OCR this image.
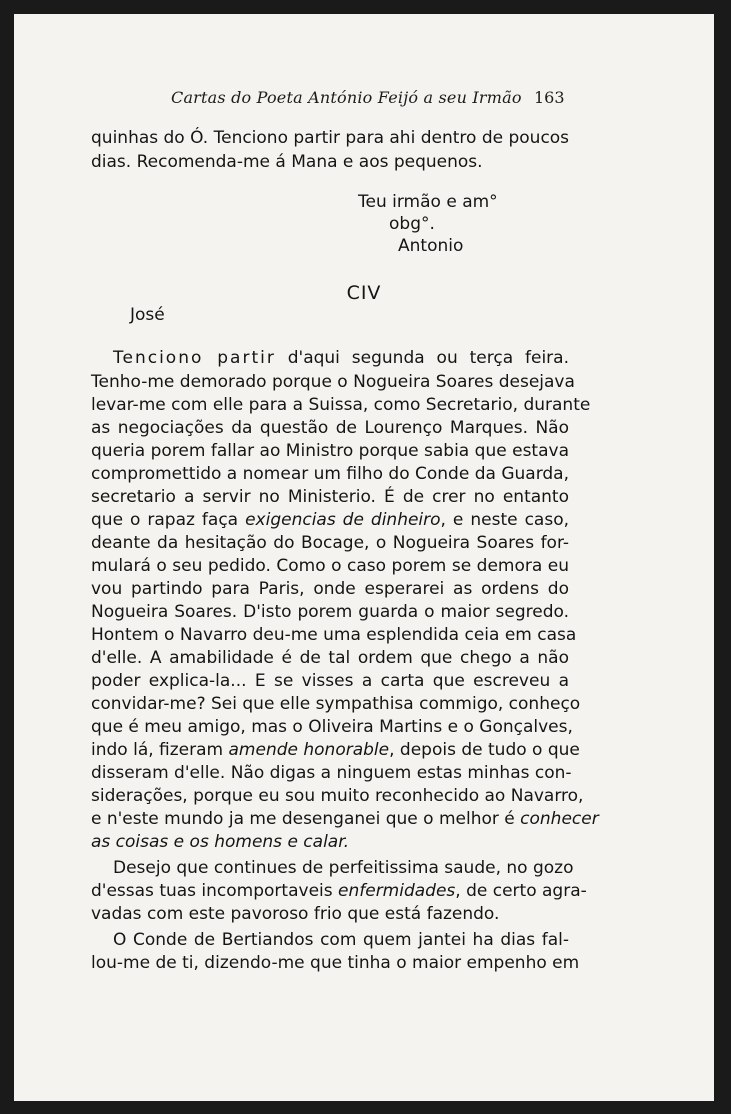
Cartas do Poeta António Feijó a seu Irmão 163
quinhas do Ó. Tenciono partir para ahi dentro de poucos
dias. Recomenda-me á Mana e aos pequenos.
Teu irmão e am°
obg°.
Antonio
CIV
José
Tenciono partir d'aqui segunda ou terça feira.
Tenho-me demorado porque o Nogueira Soares desejava
levar-me com elle para a Suissa, como Secretario, durante
as negociações da questão de Lourenço Marques. Não
queria porem fallar ao Ministro porque sabia que estava
compromettido a nomear um filho do Conde da Guarda,
secretario a servir no Ministerio. É de crer no entanto
que o rapaz faça exigencias de dinheiro, e neste caso,
deante da hesitação do Bocage, o Nogueira Soares for-
mulará o seu pedido. Como o caso porem se demora eu
vou partindo para Paris, onde esperarei as ordens do
Nogueira Soares. D'isto porem guarda o maior segredo.
Hontem o Navarro deu-me uma esplendida ceia em casa
d'elle. A amabilidade é de tal ordem que chego a não
poder explica-la... E se visses a carta que escreveu a
convidar-me? Sei que elle sympathisa commigo, conheço
que é meu amigo, mas o Oliveira Martins e o Gonçalves,
indo lá, fizeram amende honorable, depois de tudo o que
disseram d'elle. Não digas a ninguem estas minhas con-
siderações, porque eu sou muito reconhecido ao Navarro,
e n'este mundo ja me desenganei que o melhor é conhecer
as coisas e os homens e calar.
Desejo que continues de perfeitissima saude, no gozo
d'essas tuas incomportaveis enfermidades, de certo agra-
vadas com este pavoroso frio que está fazendo.
O Conde de Bertiandos com quem jantei ha dias fal-
lou-me de ti, dizendo-me que tinha o maior empenho em
